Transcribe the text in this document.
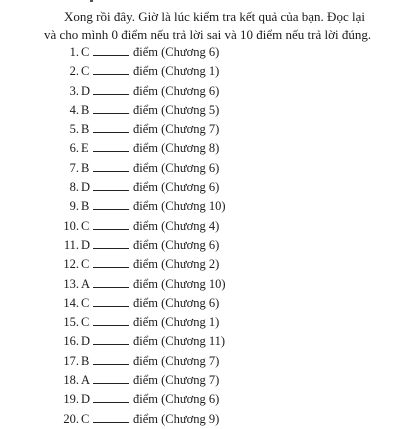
Xong rồi đây. Giờ là lúc kiểm tra kết quả của bạn. Đọc lại
và cho mình 0 điểm nếu trả lời sai và 10 điểm nếu trả lời đúng.

1. C	điểm (Chương 6)
2. C	điểm (Chương 1)
3. D	điểm (Chương 6)
4. B	điểm (Chương 5)
5. B	điểm (Chương 7)
6. E	điểm (Chương 8)
7. B	điểm (Chương 6)
8. D	điểm (Chương 6)
9. B	điểm (Chương 10)
10. C	điểm (Chương 4)
11. D	điểm (Chương 6)
12. C	điểm (Chương 2)
13. A	điểm (Chương 10)
14. C	điểm (Chương 6)
15. C	điểm (Chương 1)
16. D	điểm (Chương 11)
17. B	điểm (Chương 7)
18. A	điểm (Chương 7)
19. D	điểm (Chương 6)
20. C	điểm (Chương 9)
